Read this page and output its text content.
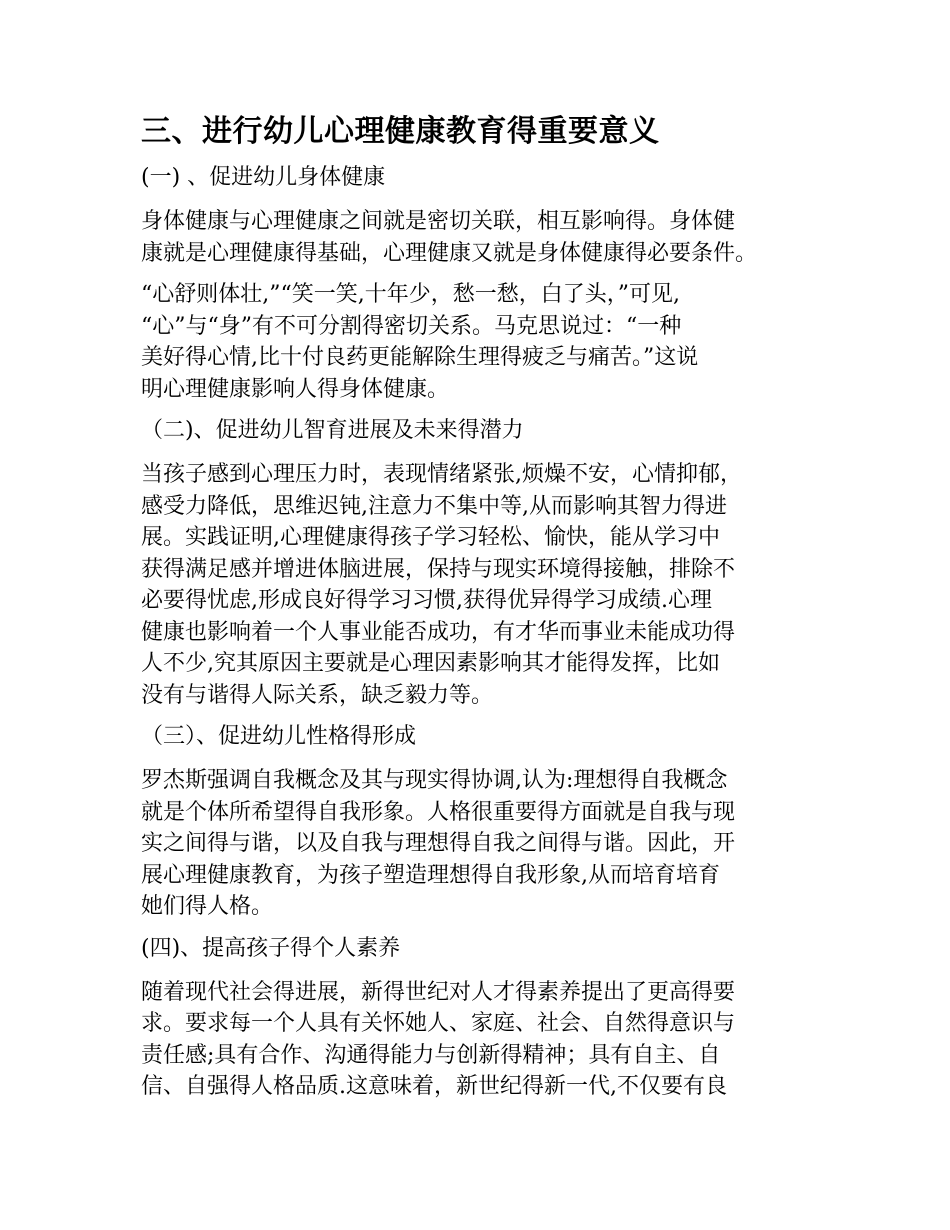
三、进行幼儿心理健康教育得重要意义
(一) 、促进幼儿身体健康

身体健康与心理健康之间就是密切关联，相互影响得。身体健
康就是心理健康得基础，心理健康又就是身体健康得必要条件。

“心舒则体壮,”“笑一笑,十年少，愁一愁，白了头，”可见,
“心”与“身”有不可分割得密切关系。马克思说过：“一种
美好得心情,比十付良药更能解除生理得疲乏与痛苦。”这说
明心理健康影响人得身体健康。

（二)、促进幼儿智育进展及未来得潜力

当孩子感到心理压力时，表现情绪紧张,烦燥不安，心情抑郁，
感受力降低，思维迟钝,注意力不集中等,从而影响其智力得进
展。实践证明,心理健康得孩子学习轻松、愉快，能从学习中
获得满足感并增进体脑进展，保持与现实环境得接触，排除不
必要得忧虑,形成良好得学习习惯,获得优异得学习成绩.心理
健康也影响着一个人事业能否成功，有才华而事业未能成功得
人不少,究其原因主要就是心理因素影响其才能得发挥，比如
没有与谐得人际关系，缺乏毅力等。

（三）、促进幼儿性格得形成

罗杰斯强调自我概念及其与现实得协调,认为:理想得自我概念
就是个体所希望得自我形象。人格很重要得方面就是自我与现
实之间得与谐，以及自我与理想得自我之间得与谐。因此，开
展心理健康教育，为孩子塑造理想得自我形象,从而培育培育
她们得人格。

(四)、提高孩子得个人素养

随着现代社会得进展，新得世纪对人才得素养提出了更高得要
求。要求每一个人具有关怀她人、家庭、社会、自然得意识与
责任感;具有合作、沟通得能力与创新得精神；具有自主、自
信、自强得人格品质.这意味着，新世纪得新一代,不仅要有良
